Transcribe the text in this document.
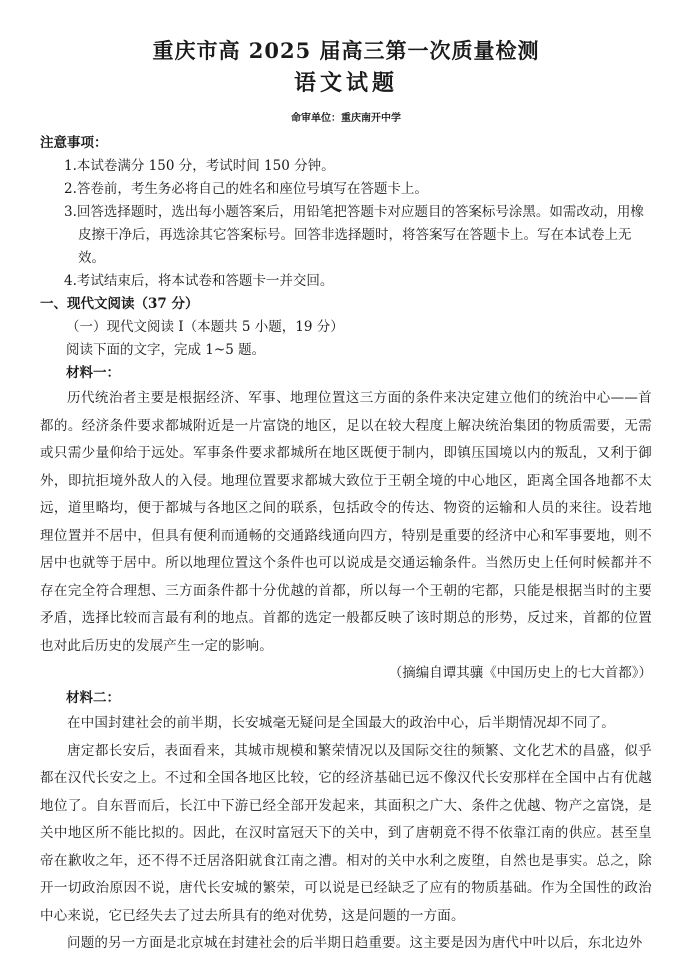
重庆市高 2025 届高三第一次质量检测
语文试题

命审单位：重庆南开中学

注意事项：

1.本试卷满分 150 分，考试时间 150 分钟。

2.答卷前，考生务必将自己的姓名和座位号填写在答题卡上。

3.回答选择题时，选出每小题答案后，用铅笔把答题卡对应题目的答案标号涂黑。如需改动，用橡皮擦干净后，再选涂其它答案标号。回答非选择题时，将答案写在答题卡上。写在本试卷上无效。

4.考试结束后，将本试卷和答题卡一并交回。

一、现代文阅读（37 分）

（一）现代文阅读 I（本题共 5 小题，19 分）

阅读下面的文字，完成 1~5 题。

材料一：

历代统治者主要是根据经济、军事、地理位置这三方面的条件来决定建立他们的统治中心——首都的。经济条件要求都城附近是一片富饶的地区，足以在较大程度上解决统治集团的物质需要，无需或只需少量仰给于远处。军事条件要求都城所在地区既便于制内，即镇压国境以内的叛乱，又利于御外，即抗拒境外敌人的入侵。地理位置要求都城大致位于王朝全境的中心地区，距离全国各地都不太远，道里略均，便于都城与各地区之间的联系，包括政令的传达、物资的运输和人员的来往。设若地理位置并不居中，但具有便利而通畅的交通路线通向四方，特别是重要的经济中心和军事要地，则不居中也就等于居中。所以地理位置这个条件也可以说成是交通运输条件。当然历史上任何时候都并不存在完全符合理想、三方面条件都十分优越的首都，所以每一个王朝的宅都，只能是根据当时的主要矛盾，选择比较而言最有利的地点。首都的选定一般都反映了该时期总的形势，反过来，首都的位置也对此后历史的发展产生一定的影响。

（摘编自谭其骧《中国历史上的七大首都》）

材料二：

在中国封建社会的前半期，长安城毫无疑问是全国最大的政治中心，后半期情况却不同了。

唐定都长安后，表面看来，其城市规模和繁荣情况以及国际交往的频繁、文化艺术的昌盛，似乎都在汉代长安之上。不过和全国各地区比较，它的经济基础已远不像汉代长安那样在全国中占有优越地位了。自东晋而后，长江中下游已经全部开发起来，其面积之广大、条件之优越、物产之富饶，是关中地区所不能比拟的。因此，在汉时富冠天下的关中，到了唐朝竟不得不依靠江南的供应。甚至皇帝在歉收之年，还不得不迁居洛阳就食江南之漕。相对的关中水利之废堕，自然也是事实。总之，除开一切政治原因不说，唐代长安城的繁荣，可以说是已经缺乏了应有的物质基础。作为全国性的政治中心来说，它已经失去了过去所具有的绝对优势，这是问题的一方面。

问题的另一方面是北京城在封建社会的后半期日趋重要。这主要是因为唐代中叶以后，东北边外
